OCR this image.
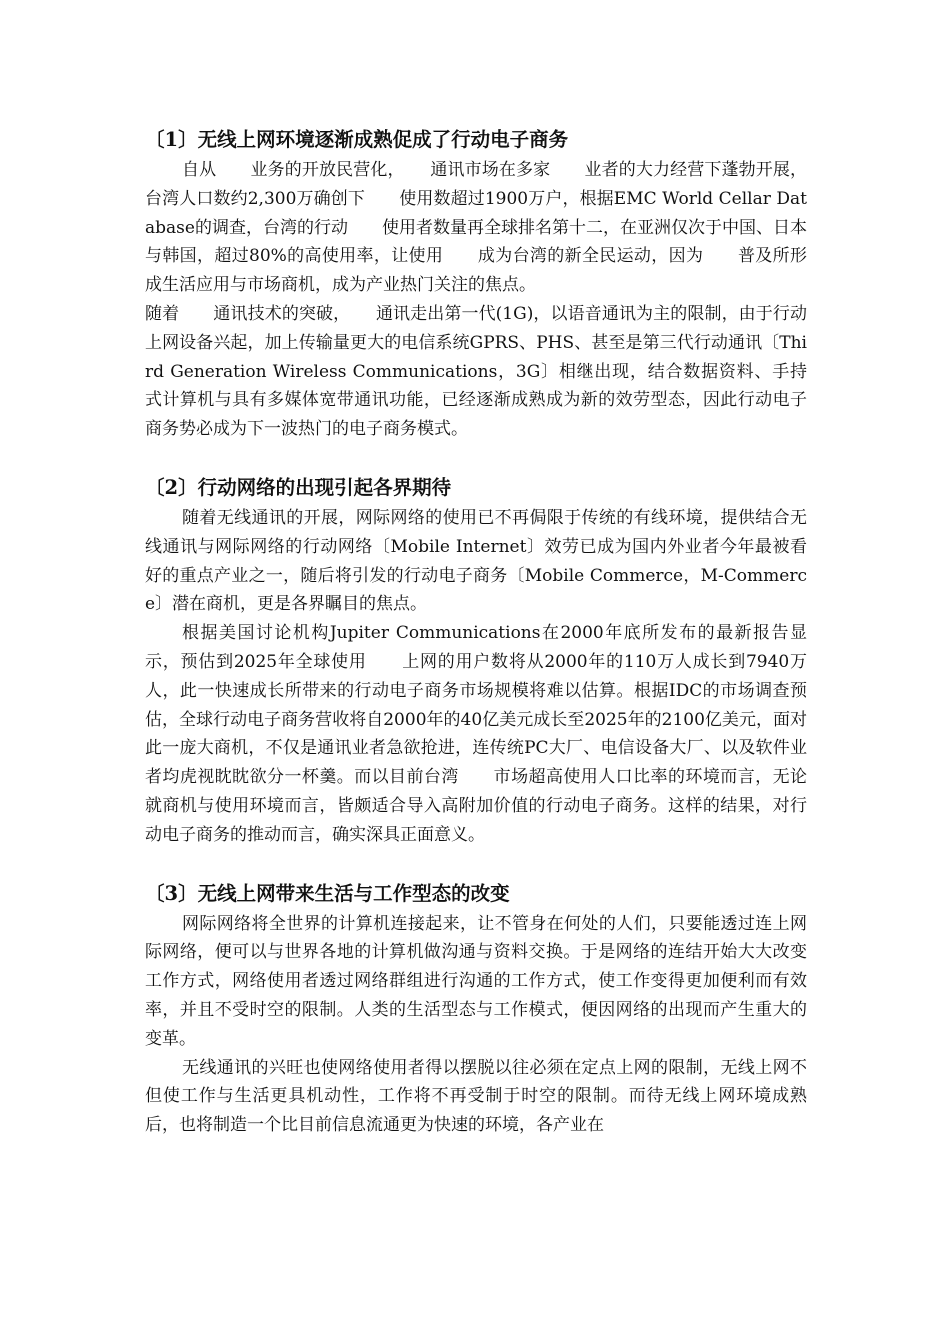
〔1〕无线上网环境逐渐成熟促成了行动电子商务

自从　　业务的开放民营化，　　通讯市场在多家　　业者的大力经营下蓬勃开展，台湾人口数约2,300万确创下　　使用数超过1900万户，根据EMC World Cellar Database的调查，台湾的行动　　使用者数量再全球排名第十二，在亚洲仅次于中国、日本与韩国，超过80%的高使用率，让使用　　成为台湾的新全民运动，因为　　普及所形成生活应用与市场商机，成为产业热门关注的焦点。

随着　　通讯技术的突破，　　通讯走出第一代(1G)，以语音通讯为主的限制，由于行动上网设备兴起，加上传输量更大的电信系统GPRS、PHS、甚至是第三代行动通讯〔Third Generation Wireless Communications，3G〕相继出现，结合数据资料、手持式计算机与具有多媒体宽带通讯功能，已经逐渐成熟成为新的效劳型态，因此行动电子商务势必成为下一波热门的电子商务模式。

〔2〕行动网络的出现引起各界期待

随着无线通讯的开展，网际网络的使用已不再侷限于传统的有线环境，提供结合无线通讯与网际网络的行动网络〔Mobile Internet〕效劳已成为国内外业者今年最被看好的重点产业之一，随后将引发的行动电子商务〔Mobile Commerce，M-Commerce〕潜在商机，更是各界瞩目的焦点。

根据美国讨论机构Jupiter Communications在2000年底所发布的最新报告显示，预估到2025年全球使用　　上网的用户数将从2000年的110万人成长到7940万人，此一快速成长所带来的行动电子商务市场规模将难以估算。根据IDC的市场调查预估，全球行动电子商务营收将自2000年的40亿美元成长至2025年的2100亿美元，面对此一庞大商机，不仅是通讯业者急欲抢进，连传统PC大厂、电信设备大厂、以及软件业者均虎视眈眈欲分一杯羹。而以目前台湾　　市场超高使用人口比率的环境而言，无论就商机与使用环境而言，皆颇适合导入高附加价值的行动电子商务。这样的结果，对行动电子商务的推动而言，确实深具正面意义。

〔3〕无线上网带来生活与工作型态的改变

网际网络将全世界的计算机连接起来，让不管身在何处的人们，只要能透过连上网际网络，便可以与世界各地的计算机做沟通与资料交换。于是网络的连结开始大大改变工作方式，网络使用者透过网络群组进行沟通的工作方式，使工作变得更加便利而有效率，并且不受时空的限制。人类的生活型态与工作模式，便因网络的出现而产生重大的变革。

无线通讯的兴旺也使网络使用者得以摆脱以往必须在定点上网的限制，无线上网不但使工作与生活更具机动性，工作将不再受制于时空的限制。而待无线上网环境成熟后，也将制造一个比目前信息流通更为快速的环境，各产业在
